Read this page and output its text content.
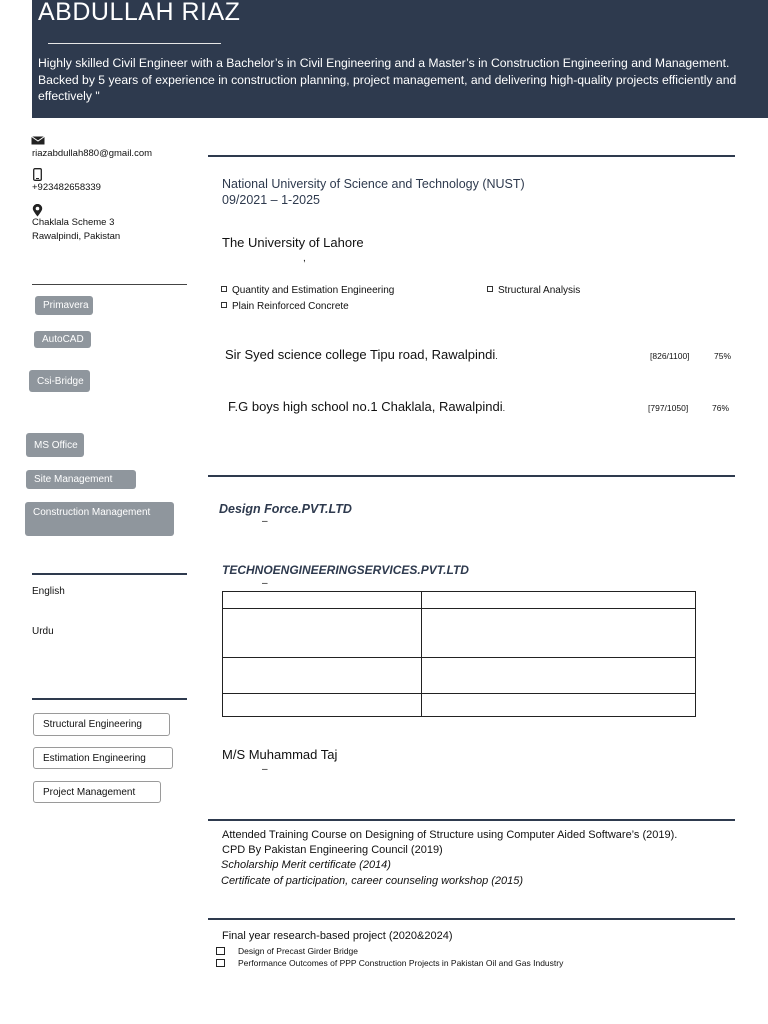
ABDULLAH RIAZ
Highly skilled Civil Engineer with a Bachelor’s in Civil Engineering and a Master’s in Construction Engineering and Management. Backed by 5 years of experience in construction planning, project management, and delivering high-quality projects efficiently and effectively "
riazabdullah880@gmail.com
+923482658339
Chaklala Scheme 3
Rawalpindi, Pakistan
Primavera
AutoCAD
Csi-Bridge
MS Office
Site Management
Construction Management
English
Urdu
Structural Engineering
Estimation Engineering
Project Management
National University of Science and Technology (NUST)
09/2021 – 1-2025
The University of Lahore
,
Quantity and Estimation Engineering	Structural Analysis
Plain Reinforced Concrete
Sir Syed science college Tipu road, Rawalpindi.	[826/1100]	75%
F.G boys high school no.1 Chaklala, Rawalpindi.	[797/1050]	76%
Design Force.PVT.LTD
–
TECHNOENGINEERINGSERVICES.PVT.LTD
–

M/S Muhammad Taj
–
Attended Training Course on Designing of Structure using Computer Aided Software’s (2019).
CPD By Pakistan Engineering Council (2019)
Scholarship Merit certificate (2014)
Certificate of participation, career counseling workshop (2015)
Final year research-based project (2020&2024)
Design of Precast Girder Bridge
Performance Outcomes of PPP Construction Projects in Pakistan Oil and Gas Industry
